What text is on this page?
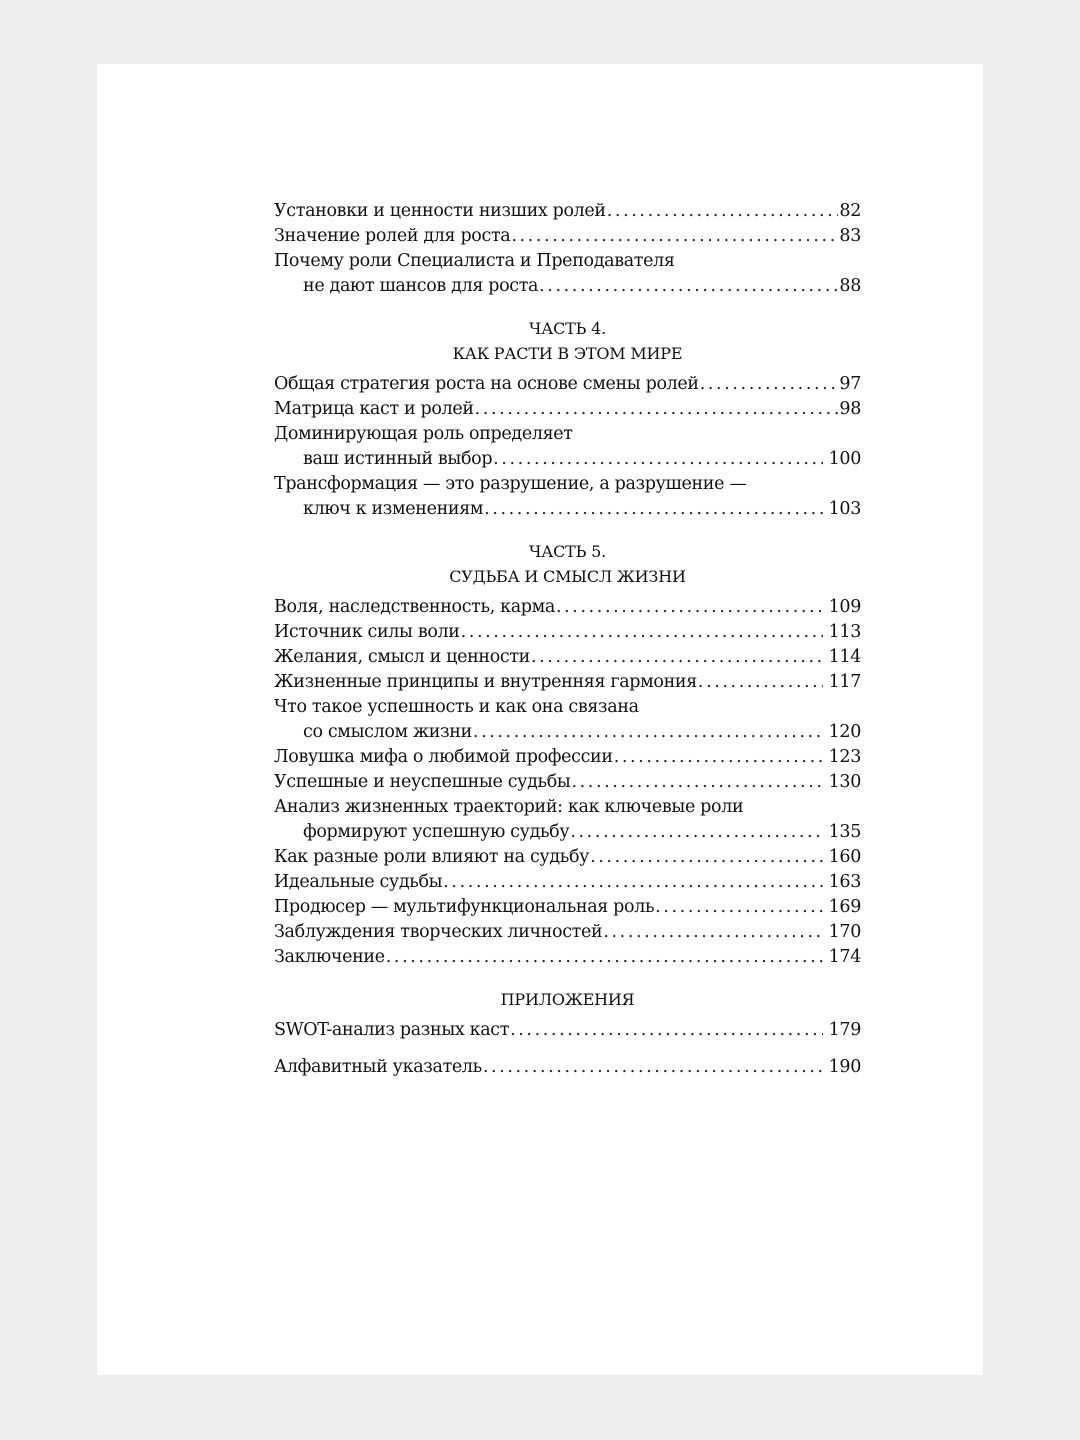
Установки и ценности низших ролей .....	82
Значение ролей для роста .....	83
Почему роли Специалиста и Преподавателя
не дают шансов для роста .....	88
ЧАСТЬ 4.
КАК РАСТИ В ЭТОМ МИРЕ
Общая стратегия роста на основе смены ролей .....	97
Матрица каст и ролей .....	98
Доминирующая роль определяет
ваш истинный выбор .....	100
Трансформация — это разрушение, а разрушение —
ключ к изменениям .....	103
ЧАСТЬ 5.
СУДЬБА И СМЫСЛ ЖИЗНИ
Воля, наследственность, карма .....	109
Источник силы воли .....	113
Желания, смысл и ценности .....	114
Жизненные принципы и внутренняя гармония .....	117
Что такое успешность и как она связана
со смыслом жизни .....	120
Ловушка мифа о любимой профессии .....	123
Успешные и неуспешные судьбы .....	130
Анализ жизненных траекторий: как ключевые роли
формируют успешную судьбу .....	135
Как разные роли влияют на судьбу .....	160
Идеальные судьбы .....	163
Продюсер — мультифункциональная роль .....	169
Заблуждения творческих личностей .....	170
Заключение .....	174
ПРИЛОЖЕНИЯ
SWOT-анализ разных каст .....	179
Алфавитный указатель .....	190
